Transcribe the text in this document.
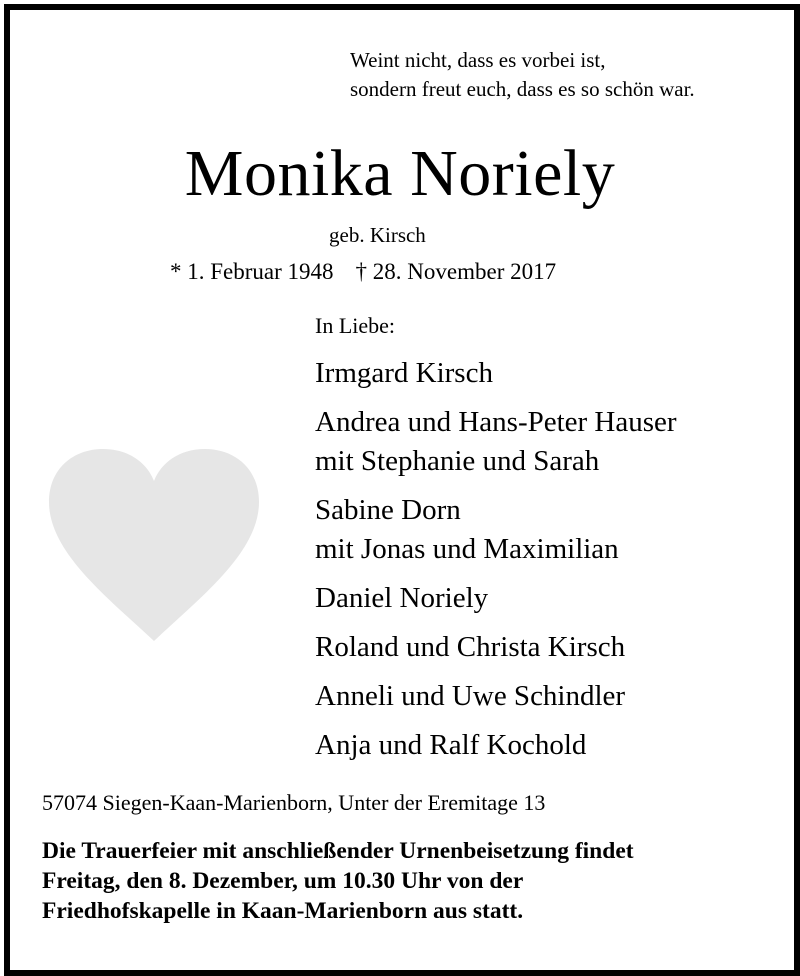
Weint nicht, dass es vorbei ist,
sondern freut euch, dass es so schön war.
Monika Noriely
geb. Kirsch
* 1. Februar 1948 † 28. November 2017
In Liebe:
Irmgard Kirsch
Andrea und Hans-Peter Hauser
mit Stephanie und Sarah
Sabine Dorn
mit Jonas und Maximilian
Daniel Noriely
Roland und Christa Kirsch
Anneli und Uwe Schindler
Anja und Ralf Kochold
57074 Siegen-Kaan-Marienborn, Unter der Eremitage 13
Die Trauerfeier mit anschließender Urnenbeisetzung findet
Freitag, den 8. Dezember, um 10.30 Uhr von der
Friedhofskapelle in Kaan-Marienborn aus statt.
